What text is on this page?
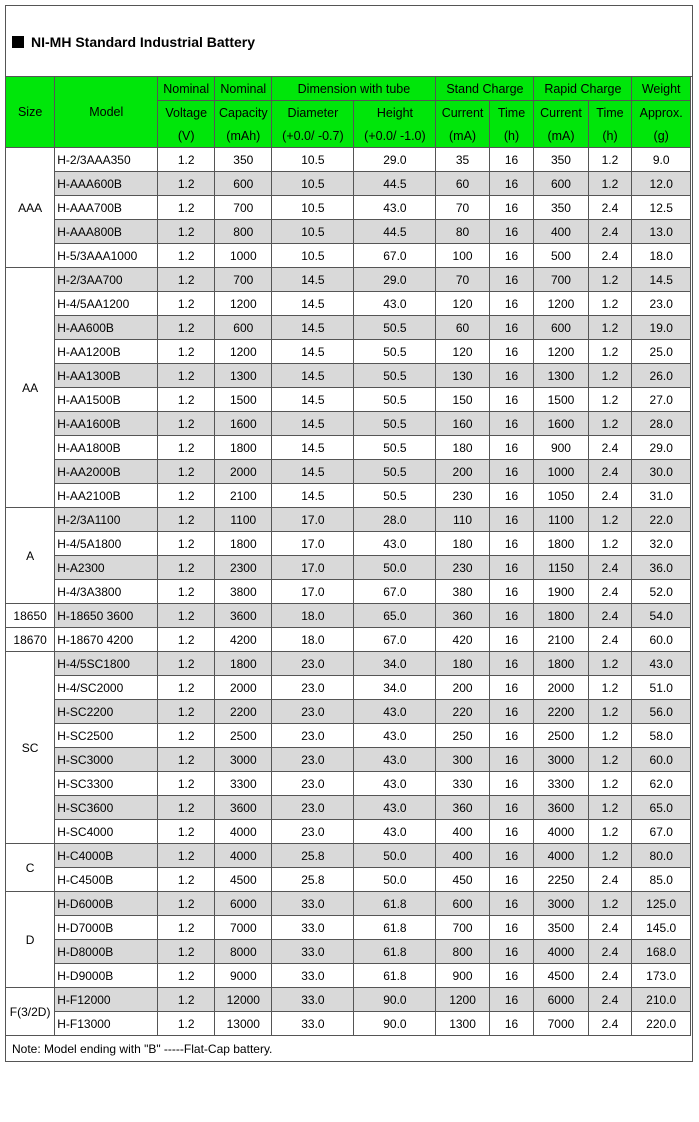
NI-MH Standard Industrial Battery
Size	Model	Nominal	Nominal	Dimension with tube		Stand Charge		Rapid Charge		Weight
		Voltage	Capacity	Diameter	Height	Current	Time	Current	Time	Approx.
		(V)	(mAh)	(+0.0/ -0.7)	(+0.0/ -1.0)	(mA)	(h)	(mA)	(h)	(g)
AAA	H-2/3AAA350	1.2	350	10.5	29.0	35	16	350	1.2	9.0
	H-AAA600B	1.2	600	10.5	44.5	60	16	600	1.2	12.0
	H-AAA700B	1.2	700	10.5	43.0	70	16	350	2.4	12.5
	H-AAA800B	1.2	800	10.5	44.5	80	16	400	2.4	13.0
	H-5/3AAA1000	1.2	1000	10.5	67.0	100	16	500	2.4	18.0
AA	H-2/3AA700	1.2	700	14.5	29.0	70	16	700	1.2	14.5
	H-4/5AA1200	1.2	1200	14.5	43.0	120	16	1200	1.2	23.0
	H-AA600B	1.2	600	14.5	50.5	60	16	600	1.2	19.0
	H-AA1200B	1.2	1200	14.5	50.5	120	16	1200	1.2	25.0
	H-AA1300B	1.2	1300	14.5	50.5	130	16	1300	1.2	26.0
	H-AA1500B	1.2	1500	14.5	50.5	150	16	1500	1.2	27.0
	H-AA1600B	1.2	1600	14.5	50.5	160	16	1600	1.2	28.0
	H-AA1800B	1.2	1800	14.5	50.5	180	16	900	2.4	29.0
	H-AA2000B	1.2	2000	14.5	50.5	200	16	1000	2.4	30.0
	H-AA2100B	1.2	2100	14.5	50.5	230	16	1050	2.4	31.0
A	H-2/3A1100	1.2	1100	17.0	28.0	110	16	1100	1.2	22.0
	H-4/5A1800	1.2	1800	17.0	43.0	180	16	1800	1.2	32.0
	H-A2300	1.2	2300	17.0	50.0	230	16	1150	2.4	36.0
	H-4/3A3800	1.2	3800	17.0	67.0	380	16	1900	2.4	52.0
18650	H-18650 3600	1.2	3600	18.0	65.0	360	16	1800	2.4	54.0
18670	H-18670 4200	1.2	4200	18.0	67.0	420	16	2100	2.4	60.0
SC	H-4/5SC1800	1.2	1800	23.0	34.0	180	16	1800	1.2	43.0
	H-4/SC2000	1.2	2000	23.0	34.0	200	16	2000	1.2	51.0
	H-SC2200	1.2	2200	23.0	43.0	220	16	2200	1.2	56.0
	H-SC2500	1.2	2500	23.0	43.0	250	16	2500	1.2	58.0
	H-SC3000	1.2	3000	23.0	43.0	300	16	3000	1.2	60.0
	H-SC3300	1.2	3300	23.0	43.0	330	16	3300	1.2	62.0
	H-SC3600	1.2	3600	23.0	43.0	360	16	3600	1.2	65.0
	H-SC4000	1.2	4000	23.0	43.0	400	16	4000	1.2	67.0
C	H-C4000B	1.2	4000	25.8	50.0	400	16	4000	1.2	80.0
	H-C4500B	1.2	4500	25.8	50.0	450	16	2250	2.4	85.0
D	H-D6000B	1.2	6000	33.0	61.8	600	16	3000	1.2	125.0
	H-D7000B	1.2	7000	33.0	61.8	700	16	3500	2.4	145.0
	H-D8000B	1.2	8000	33.0	61.8	800	16	4000	2.4	168.0
	H-D9000B	1.2	9000	33.0	61.8	900	16	4500	2.4	173.0
F(3/2D)	H-F12000	1.2	12000	33.0	90.0	1200	16	6000	2.4	210.0
	H-F13000	1.2	13000	33.0	90.0	1300	16	7000	2.4	220.0
Note: Model ending with "B" -----Flat-Cap battery.
